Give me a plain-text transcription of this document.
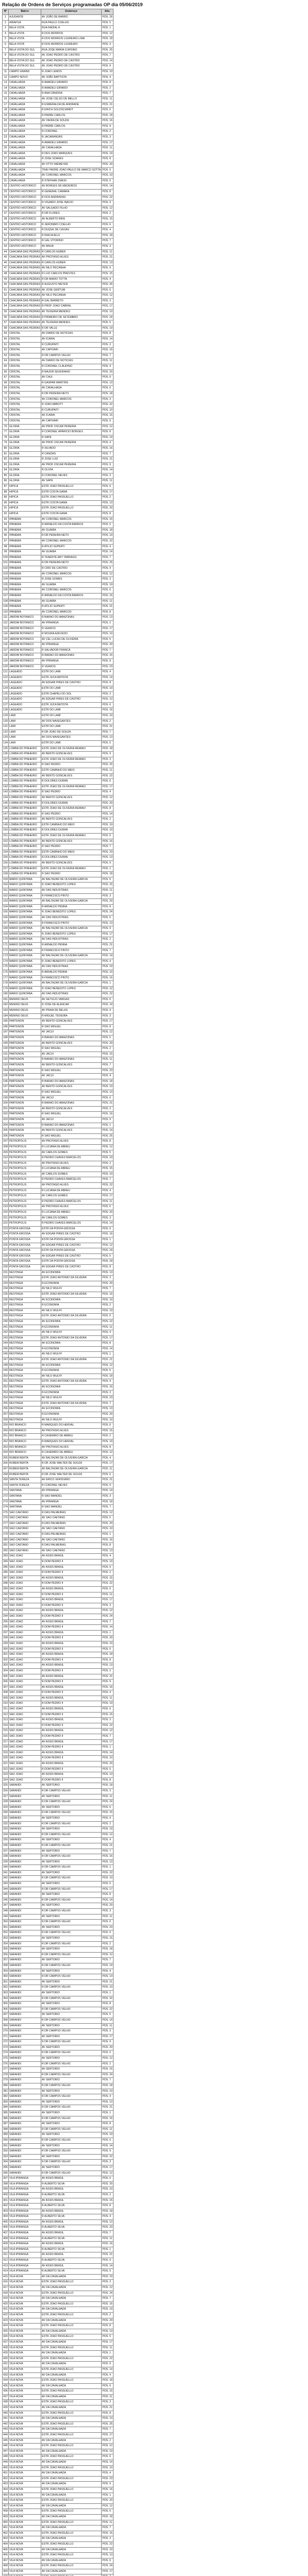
Relação de Ordens de Serviços programadas OP dia 05/06/2019
Nº	Bairro	Endereço	Ativ.
1	AJUDANTE	AV JOÃO DE BARRO	POS. 26
2	AIRAPUA	RUA PAULO COELHO	POS. 5
3	BELA VISTA	RUA RADIAL A	POS. 1
4	BELA VISTA	R DOS MORROS	POS. 12
5	BELA VISTA	R DOS MORROS LOUREIRO LIMA	POS. 18
6	BELA VISTA	R DOS MORROS LOUREIRO	POS. 3
7	BELA VISTA DO SUL	RUA JOSE MARIA CURSINO	POS. 25
8	BELA VISTA DO SUL	AV JOAO PEDRO DE CASTRO	POS. 7
9	BELA VISTA DO SUL	AV JOAO PEDRO DE CASTRO	POS. 14
10	BELA VISTA DO SUL	AV JOAO PEDRO DE CASTRO	POS. 9
11	CAMPO GRAND	R JOAO LEMOS	POS. 10
12	CAMPO NOVO	AV JOÃO BAPTISTA	POS. 4
13	CAVALHADA	R AMADEU GIRARDI	POS. 8
14	CAVALHADA	R AMADEU GIRARDI	POS. 2
15	CAVALHADA	R ANA CÂNDIDA	POS. 7
16	CAVALHADA	AV JOSE CELSO DE MELLO	POS. 11
17	CAVALHADA	R ESMERALDA DE ANDRADE	POS. 21
18	CAVALHADA	R ERICH GOLDSCHMIDT	POS. 6
19	CAVALHADA	R PADRE CARLOS	POS. 18
20	CAVALHADA	AV VIEIRA DE SOUZA	POS. 16
21	CAVALHADA	R PADRE CARLOS	POS. 9
22	CAVALHADA	R CORONEL	POS. 2
23	CAVALHADA	R JACARANDÁS	POS. 3
24	CAVALHADA	R AMADEU GIRARDI	POS. 17
25	CAVALHADA	AV CAVALHADA	POS. 11
26	CAVALHADA	R DES JOAO MARQUES	POS. 19
27	CAVALHADA	R JOSE SOARES	POS. 8
28	CAVALHADA	AV OTTO NIEMEYER	POS. 20
29	CAVALHADA	TRAV PADRE JOAO PAULO DE MARCO SOTTA	POS. 5
30	CAVALHADA	AV CORONEL MARCOS	POS. 10
31	CAVALHADA	R STEPHAN ZWEIG	POS. 6
32	CENTRO HISTORICO	AV BORGES DE MEDEIROS	POS. 14
33	CENTRO HISTORICO	R GENERAL CAMARA	POS. 8
34	CENTRO HISTORICO	R DOS ANDRADAS	POS. 22
35	CENTRO HISTORICO	R VIGARIO JOSE INACIO	POS. 9
36	CENTRO HISTORICO	AV SALGADO FILHO	POS. 12
37	CENTRO HISTORICO	R DR FLORES	POS. 2
38	CENTRO HISTORICO	AV ALBERTO BINS	POS. 15
39	CENTRO HISTORICO	R JERONIMO COELHO	POS. 6
40	CENTRO HISTORICO	R DUQUE DE CAXIAS	POS. 4
41	CENTRO HISTORICO	R RIACHUELO	POS. 18
42	CENTRO HISTORICO	R GAL VITORINO	POS. 7
43	CENTRO HISTORICO	AV MAUA	POS. 3
44	CHACARA DAS PEDRAS	R CARLOS HUBER	POS. 11
45	CHACARA DAS PEDRAS	AV PROTASIO ALVES	POS. 21
46	CHACARA DAS PEDRAS	R CARLOS HUBER	POS. 13
47	CHACARA DAS PEDRAS	AV NILO PECANHA	POS. 9
48	CHACARA DAS PEDRAS	R LUIZ CARLOS PRESTES	POS. 15
49	CHACARA DAS PEDRAS	R DR MARIO TOTTA	POS. 4
50	CHACARA DAS PEDRAS	R AUGUSTO MEYER	POS. 26
51	CHACARA DAS PEDRAS	AV JOSE GERTUM	POS. 6
52	CHACARA DAS PEDRAS	AV NILO PECANHA	POS. 12
53	CHACARA DAS PEDRAS	R GAL BARRETO	POS. 3
54	CHACARA DAS PEDRAS	R PROF JOAO CABRAL	POS. 17
55	CHACARA DAS PEDRAS	AV TEIXEIRA MENDES	POS. 10
56	CHACARA DAS PEDRAS	R PRIMEIRO DE SETEMBRO	POS. 24
57	CHACARA DAS PEDRAS	AV TEIXEIRA MENDES	POS. 5
58	CHACARA DAS PEDRAS	R DR VALLE	POS. 19
59	CRISTAL	AV DIARIO DE NOTICIAS	POS. 8
60	CRISTAL	AV ICARAI	POS. 14
61	CRISTAL	R CURUPAITI	POS. 2
62	CRISTAL	AV CAPIVARI	POS. 16
63	CRISTAL	R DR CAMPOS VELHO	POS. 7
64	CRISTAL	AV DIARIO DE NOTICIAS	POS. 11
65	CRISTAL	R CORONEL CLAUDINO	POS. 4
66	CRISTAL	R MAJOR SEVERIANO	POS. 20
67	CRISTAL	AV CHUI	POS. 9
68	CRISTAL	R GASPAR MARTINS	POS. 13
69	CRISTAL	AV CAVALHADA	POS. 6
70	CRISTAL	R DR PEREIRA NETO	POS. 18
71	CRISTAL	AV CORONEL MARCOS	POS. 3
72	CRISTAL	R JOAO ABBOTT	POS. 22
73	CRISTAL	R CURUPAITI	POS. 10
74	CRISTAL	AV ICARAI	POS. 15
75	CRISTAL	AV CAPIVARI	POS. 5
76	GLORIA	AV PROF OSCAR PEREIRA	POS. 12
77	GLORIA	R CORONEL APARICIO BORGES	POS. 8
78	GLORIA	R SAPE	POS. 19
79	GLORIA	AV PROF OSCAR PEREIRA	POS. 4
80	GLORIA	R SILVADO	POS. 16
81	GLORIA	R CANOAS	POS. 7
82	GLORIA	R JOSE LUIZ	POS. 21
83	GLORIA	AV PROF OSCAR PEREIRA	POS. 9
84	GLORIA	R OLIVIA	POS. 14
85	GLORIA	R CORONEL NEVES	POS. 3
86	GLORIA	AV SAPE	POS. 11
87	HIPICA	ESTR JOAO PASSUELLO	POS. 6
88	HIPICA	ESTR COSTA GAMA	POS. 17
89	HIPICA	ESTR JOAO PASSUELLO	POS. 2
90	HIPICA	ESTR COSTA GAMA	POS. 13
91	HIPICA	ESTR JOAO PASSUELLO	POS. 20
92	HIPICA	ESTR COSTA GAMA	POS. 8
93	IPANEMA	AV CORONEL MARCOS	POS. 15
94	IPANEMA	R ARNALDO DA COSTA BARROS	POS. 5
95	IPANEMA	AV GUAIBA	POS. 18
96	IPANEMA	R DR PEREIRA NETO	POS. 10
97	IPANEMA	AV CORONEL MARCOS	POS. 22
98	IPANEMA	R ATILIO SUPERTI	POS. 4
99	IPANEMA	AV GUAIBA	POS. 14
100	IPANEMA	R TENENTE ARY TARRAGO	POS. 7
101	IPANEMA	R DR PEREIRA NETO	POS. 25
102	IPANEMA	R CIRO DE CASTRO	POS. 9
103	IPANEMA	AV CORONEL MARCOS	POS. 12
104	IPANEMA	R JOSE GOMES	POS. 3
105	IPANEMA	AV GUAIBA	POS. 19
106	IPANEMA	AV CORONEL MARCOS	POS. 6
107	IPANEMA	R ARNALDO DA COSTA BARROS	POS. 16
108	IPANEMA	AV GUAIBA	POS. 11
109	IPANEMA	R ATILIO SUPERTI	POS. 21
110	IPANEMA	AV CORONEL MARCOS	POS. 8
111	JARDIM BOTANICO	R BARAO DO AMAZONAS	POS. 13
112	JARDIM BOTANICO	AV IPIRANGA	POS. 2
113	JARDIM BOTANICO	R VEADOS	POS. 17
114	JARDIM BOTANICO	R MOURA AZEVEDO	POS. 10
115	JARDIM BOTANICO	AV CEL LUCAS DE OLIVEIRA	POS. 5
116	JARDIM BOTANICO	AV IPIRANGA	POS. 20
117	JARDIM BOTANICO	R SALVADOR FRANCA	POS. 7
118	JARDIM BOTANICO	R BARAO DO AMAZONAS	POS. 15
119	JARDIM BOTANICO	AV IPIRANGA	POS. 9
120	JARDIM BOTANICO	R VEADOS	POS. 23
121	LAGEADO	ESTR DO LAMI	POS. 4
122	LAGEADO	ESTR JUCA BATISTA	POS. 14
123	LAGEADO	AV EDGAR PIRES DE CASTRO	POS. 8
124	LAGEADO	ESTR DO LAMI	POS. 19
125	LAGEADO	ESTR CHAPEU DO SOL	POS. 3
126	LAGEADO	AV EDGAR PIRES DE CASTRO	POS. 12
127	LAGEADO	ESTR JUCA BATISTA	POS. 6
128	LAGEADO	ESTR DO LAMI	POS. 16
129	LAMI	ESTR DO LAMI	POS. 10
130	LAMI	AV DOS NAVEGANTES	POS. 2
131	LAMI	ESTR DO LAMI	POS. 21
132	LAMI	R DR JOAO DE SOUZA	POS. 7
133	LAMI	AV DOS NAVEGANTES	POS. 13
134	LAMI	ESTR DO LAMI	POS. 5
135	LOMBA DO PINHEIRO	ESTR JOAO DE OLIVEIRA REMIAO	POS. 18
136	LOMBA DO PINHEIRO	AV BENTO GONCALVES	POS. 9
137	LOMBA DO PINHEIRO	ESTR JOAO DE OLIVEIRA REMIAO	POS. 3
138	LOMBA DO PINHEIRO	R SAO PEDRO	POS. 15
139	LOMBA DO PINHEIRO	ESTR CAMINHO DO MEIO	POS. 11
140	LOMBA DO PINHEIRO	AV BENTO GONCALVES	POS. 22
141	LOMBA DO PINHEIRO	R DOLORES DURAN	POS. 6
142	LOMBA DO PINHEIRO	ESTR JOAO DE OLIVEIRA REMIAO	POS. 17
143	LOMBA DO PINHEIRO	R SAO PEDRO	POS. 4
144	LOMBA DO PINHEIRO	AV BENTO GONCALVES	POS. 12
145	LOMBA DO PINHEIRO	R DOLORES DURAN	POS. 20
146	LOMBA DO PINHEIRO	ESTR JOAO DE OLIVEIRA REMIAO	POS. 8
147	LOMBA DO PINHEIRO	R SAO PEDRO	POS. 14
148	LOMBA DO PINHEIRO	AV BENTO GONCALVES	POS. 2
149	LOMBA DO PINHEIRO	ESTR CAMINHO DO MEIO	POS. 19
150	LOMBA DO PINHEIRO	R DOLORES DURAN	POS. 10
151	LOMBA DO PINHEIRO	ESTR JOAO DE OLIVEIRA REMIAO	POS. 5
152	LOMBA DO PINHEIRO	AV BENTO GONCALVES	POS. 16
153	LOMBA DO PINHEIRO	R SAO PEDRO	POS. 7
154	LOMBA DO PINHEIRO	ESTR CAMINHO DO MEIO	POS. 23
155	LOMBA DO PINHEIRO	R DOLORES DURAN	POS. 13
156	LOMBA DO PINHEIRO	AV BENTO GONCALVES	POS. 9
157	LOMBA DO PINHEIRO	ESTR JOAO DE OLIVEIRA REMIAO	POS. 1
158	LOMBA DO PINHEIRO	R SAO PEDRO	POS. 18
159	MARIO QUINTANA	AV BALTAZAR DE OLIVEIRA GARCIA	POS. 6
160	MARIO QUINTANA	R JOAO BENEDITO LOPES	POS. 15
161	MARIO QUINTANA	AV DAS INDUSTRIAS	POS. 11
162	MARIO QUINTANA	R FRANCISCO PINTO	POS. 3
163	MARIO QUINTANA	AV BALTAZAR DE OLIVEIRA GARCIA	POS. 20
164	MARIO QUINTANA	R ARNALDO PENNA	POS. 8
165	MARIO QUINTANA	R JOAO BENEDITO LOPES	POS. 24
166	MARIO QUINTANA	AV DAS INDUSTRIAS	POS. 5
167	MARIO QUINTANA	R FRANCISCO PINTO	POS. 13
168	MARIO QUINTANA	AV BALTAZAR DE OLIVEIRA GARCIA	POS. 9
169	MARIO QUINTANA	R JOAO BENEDITO LOPES	POS. 17
170	MARIO QUINTANA	AV DAS INDUSTRIAS	POS. 2
171	MARIO QUINTANA	R ARNALDO PENNA	POS. 21
172	MARIO QUINTANA	R FRANCISCO PINTO	POS. 7
173	MARIO QUINTANA	AV BALTAZAR DE OLIVEIRA GARCIA	POS. 14
174	MARIO QUINTANA	R JOAO BENEDITO LOPES	POS. 4
175	MARIO QUINTANA	AV DAS INDUSTRIAS	POS. 19
176	MARIO QUINTANA	R ARNALDO PENNA	POS. 10
177	MARIO QUINTANA	R FRANCISCO PINTO	POS. 16
178	MARIO QUINTANA	AV BALTAZAR DE OLIVEIRA GARCIA	POS. 1
179	MARIO QUINTANA	R JOAO BENEDITO LOPES	POS. 12
180	MARIO QUINTANA	AV DAS INDUSTRIAS	POS. 22
181	MENINO DEUS	AV GETULIO VARGAS	POS. 6
182	MENINO DEUS	R JOSE DE ALENCAR	POS. 14
183	MENINO DEUS	AV PRAIA DE BELAS	POS. 9
184	MENINO DEUS	R MIGUEL TEIXEIRA	POS. 3
185	PARTENON	AV BENTO GONCALVES	POS. 17
186	PARTENON	R SAO MIGUEL	POS. 8
187	PARTENON	AV JACUI	POS. 12
188	PARTENON	R BARAO DO AMAZONAS	POS. 5
189	PARTENON	AV BENTO GONCALVES	POS. 20
190	PARTENON	R SAO MIGUEL	POS. 2
191	PARTENON	AV JACUI	POS. 15
192	PARTENON	R BARAO DO AMAZONAS	POS. 11
193	PARTENON	AV BENTO GONCALVES	POS. 7
194	PARTENON	R SAO MIGUEL	POS. 23
195	PARTENON	AV JACUI	POS. 4
196	PARTENON	R BARAO DO AMAZONAS	POS. 18
197	PARTENON	AV BENTO GONCALVES	POS. 10
198	PARTENON	R SAO MIGUEL	POS. 13
199	PARTENON	AV JACUI	POS. 6
200	PARTENON	R BARAO DO AMAZONAS	POS. 21
201	PARTENON	AV BENTO GONCALVES	POS. 3
202	PARTENON	R SAO MIGUEL	POS. 16
203	PARTENON	AV JACUI	POS. 9
204	PARTENON	R BARAO DO AMAZONAS	POS. 1
205	PARTENON	AV BENTO GONCALVES	POS. 14
206	PARTENON	R SAO MIGUEL	POS. 25
207	PETROPOLIS	AV PROTASIO ALVES	POS. 8
208	PETROPOLIS	R LUCIANA DE ABREU	POS. 12
209	PETROPOLIS	AV CARLOS GOMES	POS. 5
210	PETROPOLIS	R PEDRO CHAVES BARCELOS	POS. 19
211	PETROPOLIS	AV PROTASIO ALVES	POS. 2
212	PETROPOLIS	R LUCIANA DE ABREU	POS. 15
213	PETROPOLIS	AV CARLOS GOMES	POS. 10
214	PETROPOLIS	R PEDRO CHAVES BARCELOS	POS. 7
215	PETROPOLIS	AV PROTASIO ALVES	POS. 22
216	PETROPOLIS	R LUCIANA DE ABREU	POS. 4
217	PETROPOLIS	AV CARLOS GOMES	POS. 17
218	PETROPOLIS	R PEDRO CHAVES BARCELOS	POS. 11
219	PETROPOLIS	AV PROTASIO ALVES	POS. 6
220	PETROPOLIS	R LUCIANA DE ABREU	POS. 20
221	PETROPOLIS	AV CARLOS GOMES	POS. 3
222	PETROPOLIS	R PEDRO CHAVES BARCELOS	POS. 14
223	PONTA GROSSA	ESTR DA PONTA GROSSA	POS. 9
224	PONTA GROSSA	AV EDGAR PIRES DE CASTRO	POS. 16
225	PONTA GROSSA	ESTR DA PONTA GROSSA	POS. 1
226	PONTA GROSSA	AV EDGAR PIRES DE CASTRO	POS. 12
227	PONTA GROSSA	ESTR DA PONTA GROSSA	POS. 24
228	PONTA GROSSA	AV EDGAR PIRES DE CASTRO	POS. 5
229	PONTA GROSSA	ESTR DA PONTA GROSSA	POS. 18
230	PONTA GROSSA	AV EDGAR PIRES DE CASTRO	POS. 8
231	RESTINGA	AV ECONOMIA	POS. 13
232	RESTINGA	ESTR JOAO ANTONIO DA SILVEIRA	POS. 3
233	RESTINGA	R ECONOMIA	POS. 20
234	RESTINGA	AV NILO WULFF	POS. 7
235	RESTINGA	ESTR JOAO ANTONIO DA SILVEIRA	POS. 15
236	RESTINGA	AV ECONOMIA	POS. 10
237	RESTINGA	R ECONOMIA	POS. 2
238	RESTINGA	AV NILO WULFF	POS. 19
239	RESTINGA	ESTR JOAO ANTONIO DA SILVEIRA	POS. 6
240	RESTINGA	AV ECONOMIA	POS. 22
241	RESTINGA	R ECONOMIA	POS. 11
242	RESTINGA	AV NILO WULFF	POS. 4
243	RESTINGA	ESTR JOAO ANTONIO DA SILVEIRA	POS. 17
244	RESTINGA	AV ECONOMIA	POS. 8
245	RESTINGA	R ECONOMIA	POS. 14
246	RESTINGA	AV NILO WULFF	POS. 1
247	RESTINGA	ESTR JOAO ANTONIO DA SILVEIRA	POS. 21
248	RESTINGA	AV ECONOMIA	POS. 12
249	RESTINGA	R ECONOMIA	POS. 5
250	RESTINGA	AV NILO WULFF	POS. 18
251	RESTINGA	ESTR JOAO ANTONIO DA SILVEIRA	POS. 9
252	RESTINGA	AV ECONOMIA	POS. 16
253	RESTINGA	R ECONOMIA	POS. 3
254	RESTINGA	AV NILO WULFF	POS. 23
255	RESTINGA	ESTR JOAO ANTONIO DA SILVEIRA	POS. 7
256	RESTINGA	AV ECONOMIA	POS. 13
257	RESTINGA	R ECONOMIA	POS. 20
258	RESTINGA	AV NILO WULFF	POS. 10
259	RIO BRANCO	R MARQUES DO HERVAL	POS. 6
260	RIO BRANCO	AV PROTASIO ALVES	POS. 15
261	RIO BRANCO	R CASEMIRO DE ABREU	POS. 2
262	RIO BRANCO	R MARQUES DO HERVAL	POS. 19
263	RIO BRANCO	AV PROTASIO ALVES	POS. 8
264	RIO BRANCO	R CASEMIRO DE ABREU	POS. 12
265	RUBEM BERTA	AV BALTAZAR DE OLIVEIRA GARCIA	POS. 4
266	RUBEM BERTA	R DR JOSE WALTER DE SOUZA	POS. 17
267	RUBEM BERTA	AV BALTAZAR DE OLIVEIRA GARCIA	POS. 11
268	RUBEM BERTA	R DR JOSE WALTER DE SOUZA	POS. 6
269	SANTA TEREZA	AV ERICO VERISSIMO	POS. 21
270	SANTA TEREZA	R CORONEL NEVES	POS. 9
271	SANTANA	AV IPIRANGA	POS. 14
272	SANTANA	R SAO MANOEL	POS. 3
273	SANTANA	AV IPIRANGA	POS. 18
274	SANTANA	R SAO MANOEL	POS. 7
275	SAO CAETANO	R DAS PALMEIRAS	POS. 12
276	SAO CAETANO	AV SAO CAETANO	POS. 5
277	SAO CAETANO	R DAS PALMEIRAS	POS. 20
278	SAO CAETANO	AV SAO CAETANO	POS. 10
279	SAO CAETANO	R DAS PALMEIRAS	POS. 1
280	SAO CAETANO	AV SAO CAETANO	POS. 16
281	SAO CAETANO	R DAS PALMEIRAS	POS. 8
282	SAO CAETANO	AV SAO CAETANO	POS. 13
283	SAO JOAO	AV ASSIS BRASIL	POS. 4
284	SAO JOAO	R DOM PEDRO II	POS. 19
285	SAO JOAO	AV ASSIS BRASIL	POS. 9
286	SAO JOAO	R DOM PEDRO II	POS. 2
287	SAO JOAO	AV ASSIS BRASIL	POS. 15
288	SAO JOAO	R DOM PEDRO II	POS. 22
289	SAO JOAO	AV ASSIS BRASIL	POS. 6
290	SAO JOAO	R DOM PEDRO II	POS. 11
291	SAO JOAO	AV ASSIS BRASIL	POS. 17
292	SAO JOAO	R DOM PEDRO II	POS. 3
293	SAO JOAO	AV ASSIS BRASIL	POS. 12
294	SAO JOAO	R DOM PEDRO II	POS. 24
295	SAO JOAO	AV ASSIS BRASIL	POS. 7
296	SAO JOAO	R DOM PEDRO II	POS. 14
297	SAO JOAO	AV ASSIS BRASIL	POS. 1
298	SAO JOAO	R DOM PEDRO II	POS. 20
299	SAO JOAO	AV ASSIS BRASIL	POS. 10
300	SAO JOAO	R DOM PEDRO II	POS. 5
301	SAO JOAO	AV ASSIS BRASIL	POS. 18
302	SAO JOAO	R DOM PEDRO II	POS. 8
303	SAO JOAO	AV ASSIS BRASIL	POS. 13
304	SAO JOAO	R DOM PEDRO II	POS. 2
305	SAO JOAO	AV ASSIS BRASIL	POS. 21
306	SAO JOAO	R DOM PEDRO II	POS. 9
307	SAO JOAO	AV ASSIS BRASIL	POS. 16
308	SAO JOAO	R DOM PEDRO II	POS. 4
309	SAO JOAO	AV ASSIS BRASIL	POS. 11
310	SAO JOAO	R DOM PEDRO II	POS. 19
311	SAO JOAO	AV ASSIS BRASIL	POS. 6
312	SAO JOAO	R DOM PEDRO II	POS. 15
313	SAO JOAO	AV ASSIS BRASIL	POS. 3
314	SAO JOAO	R DOM PEDRO II	POS. 22
315	SAO JOAO	AV ASSIS BRASIL	POS. 12
316	SAO JOAO	R DOM PEDRO II	POS. 7
317	SAO JOAO	AV ASSIS BRASIL	POS. 17
318	SAO JOAO	R DOM PEDRO II	POS. 1
319	SAO JOAO	AV ASSIS BRASIL	POS. 14
320	SAO JOAO	R DOM PEDRO II	POS. 10
321	SAO JOAO	AV ASSIS BRASIL	POS. 20
322	SAO JOAO	R DOM PEDRO II	POS. 5
323	SAO JOAO	AV ASSIS BRASIL	POS. 13
324	SAO JOAO	R DOM PEDRO II	POS. 8
325	SARANDI	AV SERTORIO	POS. 18
326	SARANDI	R DR CAMPOS VELHO	POS. 3
327	SARANDI	AV SERTORIO	POS. 11
328	SARANDI	R DR CAMPOS VELHO	POS. 24
329	SARANDI	AV SERTORIO	POS. 6
330	SARANDI	R DR CAMPOS VELHO	POS. 15
331	SARANDI	AV SERTORIO	POS. 9
332	SARANDI	R DR CAMPOS VELHO	POS. 2
333	SARANDI	AV SERTORIO	POS. 19
334	SARANDI	R DR CAMPOS VELHO	POS. 12
335	SARANDI	AV SERTORIO	POS. 4
336	SARANDI	R DR CAMPOS VELHO	POS. 21
337	SARANDI	AV SERTORIO	POS. 7
338	SARANDI	R DR CAMPOS VELHO	POS. 16
339	SARANDI	AV SERTORIO	POS. 13
340	SARANDI	R DR CAMPOS VELHO	POS. 1
341	SARANDI	AV SERTORIO	POS. 22
342	SARANDI	R DR CAMPOS VELHO	POS. 10
343	SARANDI	AV SERTORIO	POS. 5
344	SARANDI	R DR CAMPOS VELHO	POS. 17
345	SARANDI	AV SERTORIO	POS. 8
346	SARANDI	R DR CAMPOS VELHO	POS. 14
347	SARANDI	AV SERTORIO	POS. 20
348	SARANDI	R DR CAMPOS VELHO	POS. 3
349	SARANDI	AV SERTORIO	POS. 11
350	SARANDI	R DR CAMPOS VELHO	POS. 6
351	SARANDI	AV SERTORIO	POS. 23
352	SARANDI	R DR CAMPOS VELHO	POS. 9
353	SARANDI	AV SERTORIO	POS. 15
354	SARANDI	R DR CAMPOS VELHO	POS. 2
355	SARANDI	AV SERTORIO	POS. 18
356	SARANDI	R DR CAMPOS VELHO	POS. 12
357	SARANDI	AV SERTORIO	POS. 7
358	SARANDI	R DR CAMPOS VELHO	POS. 19
359	SARANDI	AV SERTORIO	POS. 4
360	SARANDI	R DR CAMPOS VELHO	POS. 13
361	SARANDI	AV SERTORIO	POS. 21
362	SARANDI	R DR CAMPOS VELHO	POS. 10
363	SARANDI	AV SERTORIO	POS. 1
364	SARANDI	R DR CAMPOS VELHO	POS. 16
365	SARANDI	AV SERTORIO	POS. 8
366	SARANDI	R DR CAMPOS VELHO	POS. 22
367	SARANDI	AV SERTORIO	POS. 5
368	SARANDI	R DR CAMPOS VELHO	POS. 14
369	SARANDI	AV SERTORIO	POS. 11
370	SARANDI	R DR CAMPOS VELHO	POS. 3
371	SARANDI	AV SERTORIO	POS. 17
372	SARANDI	R DR CAMPOS VELHO	POS. 9
373	SARANDI	AV SERTORIO	POS. 20
374	SARANDI	R DR CAMPOS VELHO	POS. 6
375	SARANDI	AV SERTORIO	POS. 12
376	SARANDI	R DR CAMPOS VELHO	POS. 2
377	SARANDI	AV SERTORIO	POS. 15
378	SARANDI	R DR CAMPOS VELHO	POS. 24
379	SARANDI	AV SERTORIO	POS. 7
380	SARANDI	R DR CAMPOS VELHO	POS. 18
381	SARANDI	AV SERTORIO	POS. 10
382	SARANDI	R DR CAMPOS VELHO	POS. 4
383	SARANDI	AV SERTORIO	POS. 13
384	SARANDI	R DR CAMPOS VELHO	POS. 21
385	SARANDI	AV SERTORIO	POS. 1
386	SARANDI	R DR CAMPOS VELHO	POS. 16
387	SARANDI	AV SERTORIO	POS. 8
388	SARANDI	R DR CAMPOS VELHO	POS. 11
389	SARANDI	AV SERTORIO	POS. 19
390	SARANDI	R DR CAMPOS VELHO	POS. 5
391	SARANDI	AV SERTORIO	POS. 14
392	SARANDI	R DR CAMPOS VELHO	POS. 9
393	SARANDI	AV SERTORIO	POS. 22
394	SARANDI	R DR CAMPOS VELHO	POS. 3
395	SARANDI	AV SERTORIO	POS. 17
396	SARANDI	R DR CAMPOS VELHO	POS. 12
397	VILA IPIRANGA	AV ASSIS BRASIL	POS. 6
398	VILA IPIRANGA	R ALBERTO SILVA	POS. 20
399	VILA IPIRANGA	AV ASSIS BRASIL	POS. 10
400	VILA IPIRANGA	R ALBERTO SILVA	POS. 2
401	VILA IPIRANGA	AV ASSIS BRASIL	POS. 15
402	VILA IPIRANGA	R ALBERTO SILVA	POS. 8
403	VILA IPIRANGA	AV ASSIS BRASIL	POS. 18
404	VILA IPIRANGA	R ALBERTO SILVA	POS. 4
405	VILA IPIRANGA	AV ASSIS BRASIL	POS. 13
406	VILA IPIRANGA	R ALBERTO SILVA	POS. 23
407	VILA IPIRANGA	AV ASSIS BRASIL	POS. 7
408	VILA IPIRANGA	R ALBERTO SILVA	POS. 11
409	VILA IPIRANGA	AV ASSIS BRASIL	POS. 16
410	VILA IPIRANGA	R ALBERTO SILVA	POS. 1
411	VILA IPIRANGA	AV ASSIS BRASIL	POS. 21
412	VILA IPIRANGA	R ALBERTO SILVA	POS. 9
413	VILA IPIRANGA	AV ASSIS BRASIL	POS. 14
414	VILA IPIRANGA	R ALBERTO SILVA	POS. 5
415	VILA NOVA	AV DA CAVALHADA	POS. 19
416	VILA NOVA	ESTR JOAO PASSUELLO	POS. 3
417	VILA NOVA	AV DA CAVALHADA	POS. 12
418	VILA NOVA	ESTR JOAO PASSUELLO	POS. 24
419	VILA NOVA	AV DA CAVALHADA	POS. 7
420	VILA NOVA	ESTR JOAO PASSUELLO	POS. 16
421	VILA NOVA	AV DA CAVALHADA	POS. 10
422	VILA NOVA	ESTR JOAO PASSUELLO	POS. 2
423	VILA NOVA	AV DA CAVALHADA	POS. 20
424	VILA NOVA	ESTR JOAO PASSUELLO	POS. 8
425	VILA NOVA	AV DA CAVALHADA	POS. 13
426	VILA NOVA	ESTR JOAO PASSUELLO	POS. 5
427	VILA NOVA	AV DA CAVALHADA	POS. 17
428	VILA NOVA	ESTR JOAO PASSUELLO	POS. 11
429	VILA NOVA	AV DA CAVALHADA	POS. 1
430	VILA NOVA	ESTR JOAO PASSUELLO	POS. 22
431	VILA NOVA	AV DA CAVALHADA	POS. 9
432	VILA NOVA	ESTR JOAO PASSUELLO	POS. 14
433	VILA NOVA	AV DA CAVALHADA	POS. 4
434	VILA NOVA	ESTR JOAO PASSUELLO	POS. 18
435	VILA NOVA	AV DA CAVALHADA	POS. 6
436	VILA NOVA	ESTR JOAO PASSUELLO	POS. 15
437	VILA NOVA	AV DA CAVALHADA	POS. 11
438	VILA NOVA	ESTR JOAO PASSUELLO	POS. 3
439	VILA NOVA	AV DA CAVALHADA	POS. 21
440	VILA NOVA	ESTR JOAO PASSUELLO	POS. 8
441	VILA NOVA	AV DA CAVALHADA	POS. 13
442	VILA NOVA	ESTR JOAO PASSUELLO	POS. 25
443	VILA NOVA	AV DA CAVALHADA	POS. 7
444	VILA NOVA	ESTR JOAO PASSUELLO	POS. 17
445	VILA NOVA	AV DA CAVALHADA	POS. 2
446	VILA NOVA	ESTR JOAO PASSUELLO	POS. 12
447	VILA NOVA	AV DA CAVALHADA	POS. 19
448	VILA NOVA	ESTR JOAO PASSUELLO	POS. 6
449	VILA NOVA	AV DA CAVALHADA	POS. 14
450	VILA NOVA	ESTR JOAO PASSUELLO	POS. 10
451	VILA NOVA	AV DA CAVALHADA	POS. 4
452	VILA NOVA	ESTR JOAO PASSUELLO	POS. 23
453	VILA NOVA	AV DA CAVALHADA	POS. 9
454	VILA NOVA	ESTR JOAO PASSUELLO	POS. 16
455	VILA NOVA	AV DA CAVALHADA	POS. 1
456	VILA NOVA	ESTR JOAO PASSUELLO	POS. 20
457	VILA NOVA	AV DA CAVALHADA	POS. 12
458	VILA NOVA	ESTR JOAO PASSUELLO	POS. 5
459	VILA NOVA	AV DA CAVALHADA	POS. 18
460	VILA NOVA	ESTR JOAO PASSUELLO	POS. 11
461	VILA NOVA	AV DA CAVALHADA	POS. 7
462	VILA NOVA	ESTR JOAO PASSUELLO	POS. 15
463	VILA NOVA	AV DA CAVALHADA	POS. 3
464	VILA NOVA	ESTR JOAO PASSUELLO	POS. 22
465	VILA NOVA	AV DA CAVALHADA	POS. 10
466	VILA NOVA	ESTR JOAO PASSUELLO	POS. 13
467	VILA NOVA	AV DA CAVALHADA	POS. 6
468	VILA NOVA	ESTR JOAO PASSUELLO	POS. 24
469	VILA NOVA	AV DA CAVALHADA	POS. 17
